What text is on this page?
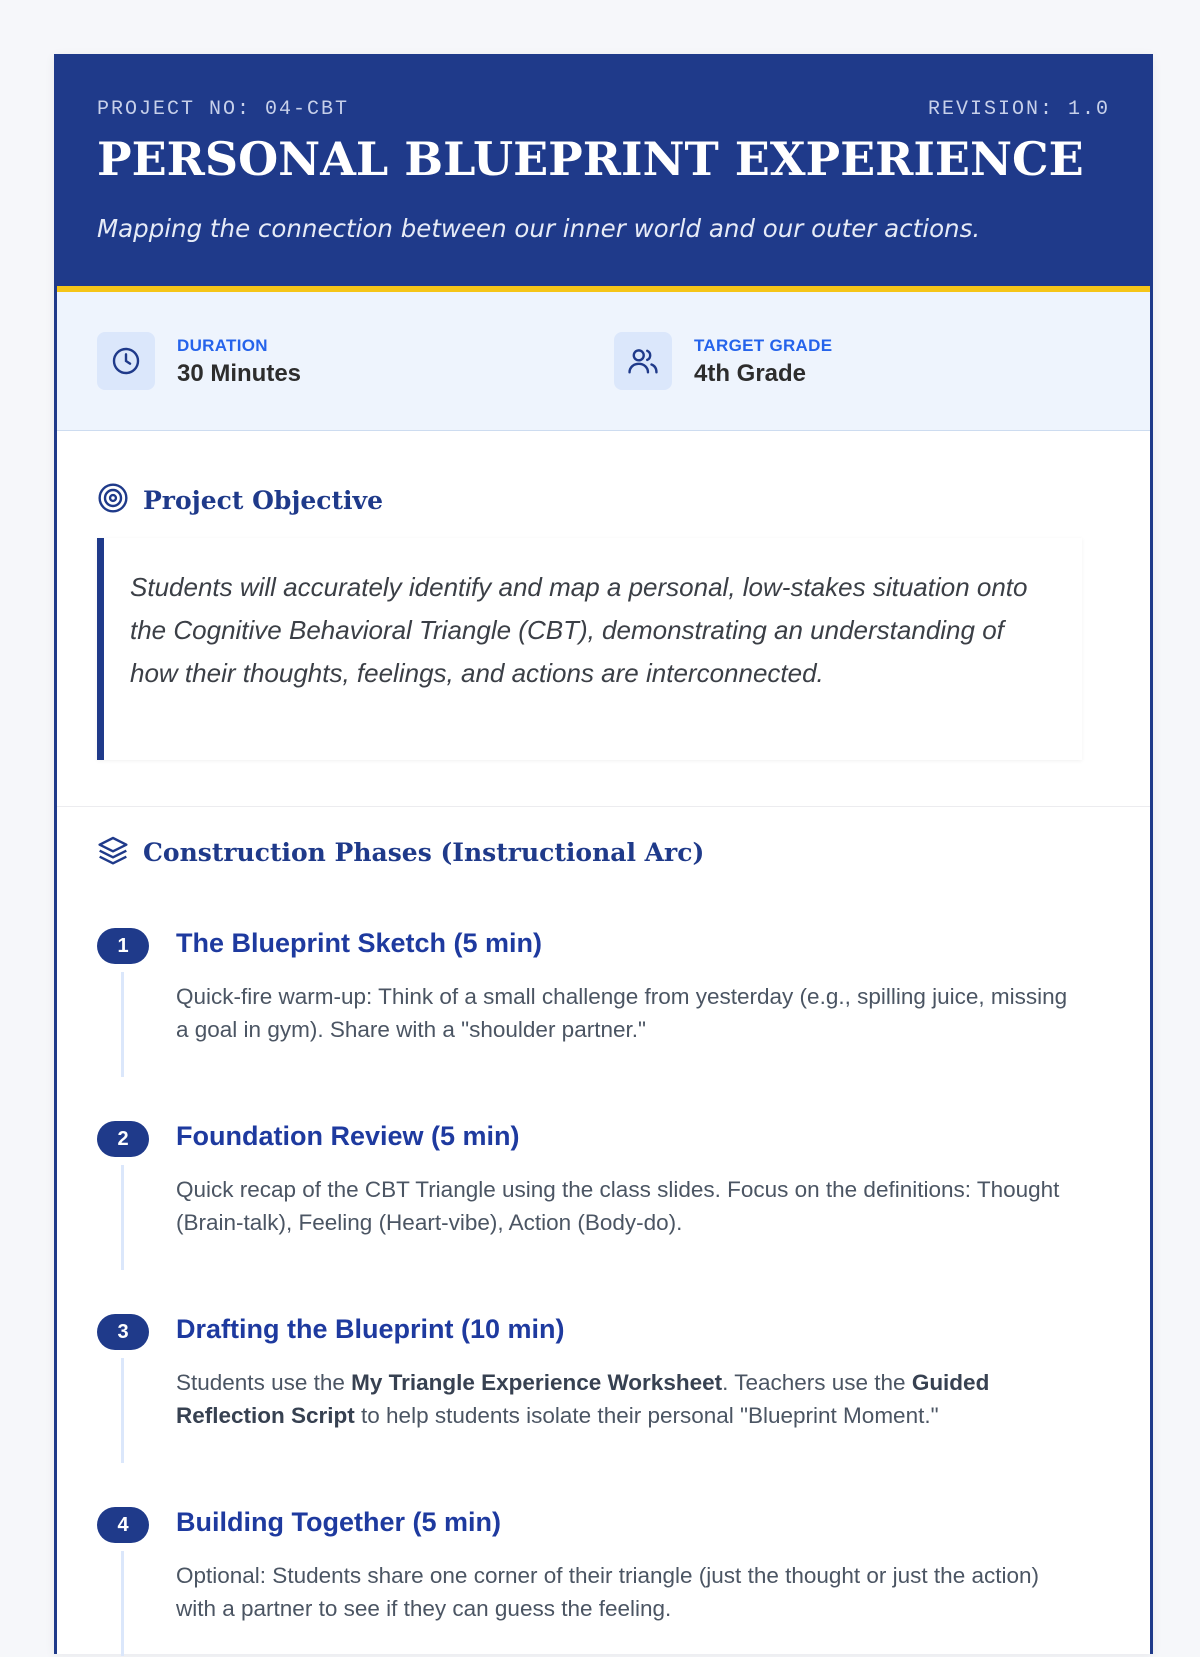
PROJECT NO: 04-CBT	REVISION: 1.0
PERSONAL BLUEPRINT EXPERIENCE

Mapping the connection between our inner world and our outer actions.

DURATION
30 Minutes
TARGET GRADE
4th Grade
Project Objective

Students will accurately identify and map a personal, low-stakes situation onto the Cognitive Behavioral Triangle (CBT), demonstrating an understanding of how their thoughts, feelings, and actions are interconnected.

Construction Phases (Instructional Arc)
1	The Blueprint Sketch (5 min)

Quick-fire warm-up: Think of a small challenge from yesterday (e.g., spilling juice, missing a goal in gym). Share with a "shoulder partner."

2	Foundation Review (5 min)

Quick recap of the CBT Triangle using the class slides. Focus on the definitions: Thought (Brain-talk), Feeling (Heart-vibe), Action (Body-do).

3	Drafting the Blueprint (10 min)

Students use the My Triangle Experience Worksheet. Teachers use the Guided Reflection Script to help students isolate their personal "Blueprint Moment."

4	Building Together (5 min)

Optional: Students share one corner of their triangle (just the thought or just the action) with a partner to see if they can guess the feeling.
